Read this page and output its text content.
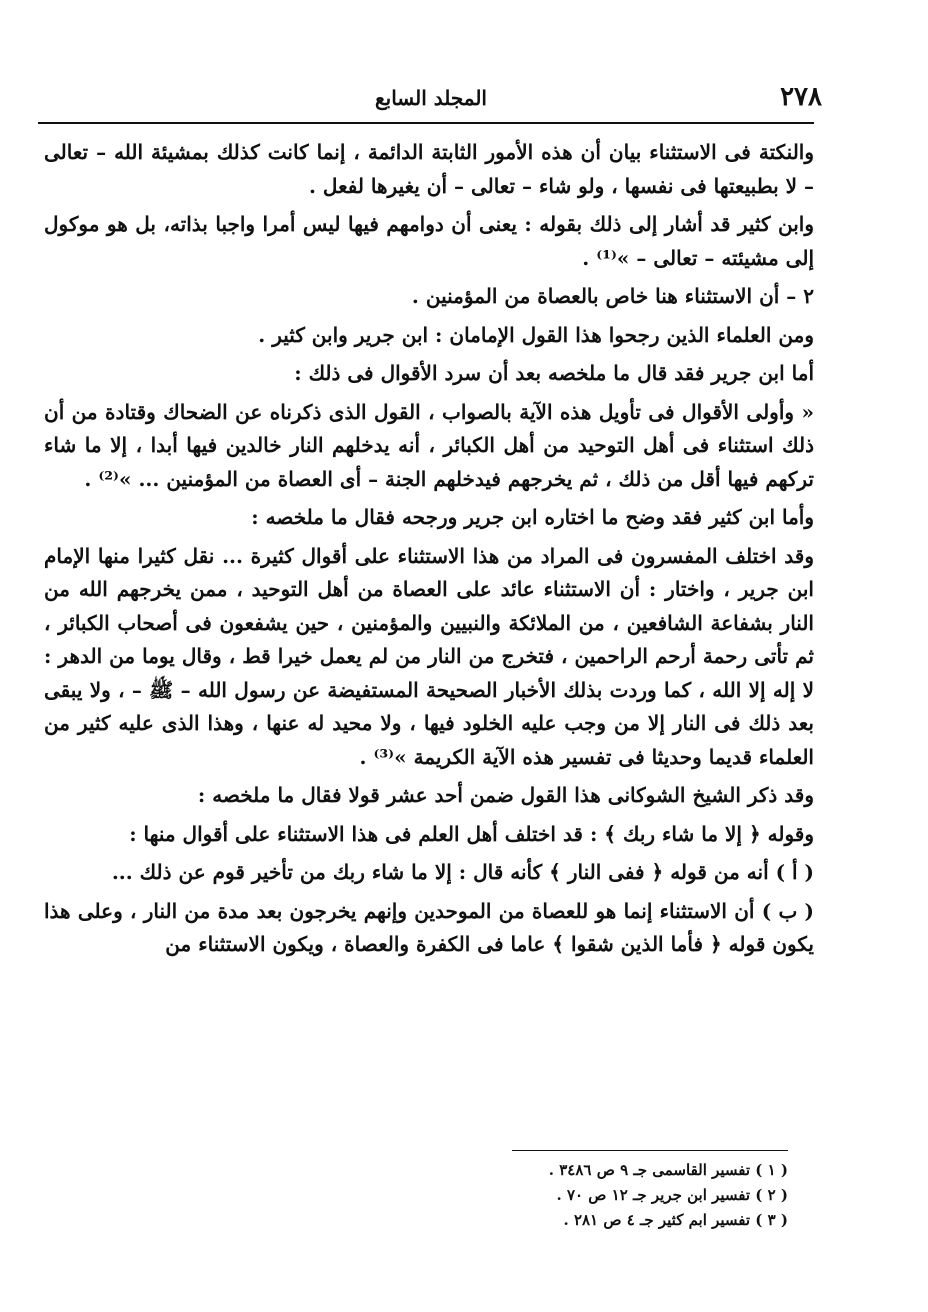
٢٧٨
المجلد السابع

والنكتة فى الاستثناء بيان أن هذه الأمور الثابتة الدائمة ، إنما كانت كذلك بمشيئة الله – تعالى – لا بطبيعتها فى نفسها ، ولو شاء – تعالى – أن يغيرها لفعل .

وابن كثير قد أشار إلى ذلك بقوله : يعنى أن دوامهم فيها ليس أمرا واجبا بذاته، بل هو موكول إلى مشيئته – تعالى – »⁽¹⁾ .

٢ – أن الاستثناء هنا خاص بالعصاة من المؤمنين .

ومن العلماء الذين رجحوا هذا القول الإمامان : ابن جرير وابن كثير .

أما ابن جرير فقد قال ما ملخصه بعد أن سرد الأقوال فى ذلك :

« وأولى الأقوال فى تأويل هذه الآية بالصواب ، القول الذى ذكرناه عن الضحاك وقتادة من أن ذلك استثناء فى أهل التوحيد من أهل الكبائر ، أنه يدخلهم النار خالدين فيها أبدا ، إلا ما شاء تركهم فيها أقل من ذلك ، ثم يخرجهم فيدخلهم الجنة – أى العصاة من المؤمنين ... »⁽²⁾ .

وأما ابن كثير فقد وضح ما اختاره ابن جرير ورجحه فقال ما ملخصه :

وقد اختلف المفسرون فى المراد من هذا الاستثناء على أقوال كثيرة ... نقل كثيرا منها الإمام ابن جرير ، واختار : أن الاستثناء عائد على العصاة من أهل التوحيد ، ممن يخرجهم الله من النار بشفاعة الشافعين ، من الملائكة والنبيين والمؤمنين ، حين يشفعون فى أصحاب الكبائر ، ثم تأتى رحمة أرحم الراحمين ، فتخرج من النار من لم يعمل خيرا قط ، وقال يوما من الدهر : لا إله إلا الله ، كما وردت بذلك الأخبار الصحيحة المستفيضة عن رسول الله – ﷺ – ، ولا يبقى بعد ذلك فى النار إلا من وجب عليه الخلود فيها ، ولا محيد له عنها ، وهذا الذى عليه كثير من العلماء قديما وحديثا فى تفسير هذه الآية الكريمة »⁽³⁾ .

وقد ذكر الشيخ الشوكانى هذا القول ضمن أحد عشر قولا فقال ما ملخصه :

وقوله ﴿ إلا ما شاء ربك ﴾ : قد اختلف أهل العلم فى هذا الاستثناء على أقوال منها :

( أ ) أنه من قوله ﴿ ففى النار ﴾ كأنه قال : إلا ما شاء ربك من تأخير قوم عن ذلك ...

( ب ) أن الاستثناء إنما هو للعصاة من الموحدين وإنهم يخرجون بعد مدة من النار ، وعلى هذا يكون قوله ﴿ فأما الذين شقوا ﴾ عاما فى الكفرة والعصاة ، ويكون الاستثناء من

( ١ ) تفسير القاسمى جـ ٩ ص ٣٤٨٦ .
( ٢ ) تفسير ابن جرير جـ ١٢ ص ٧٠ .
( ٣ ) تفسير ابم كثير جـ ٤ ص ٢٨١ .
